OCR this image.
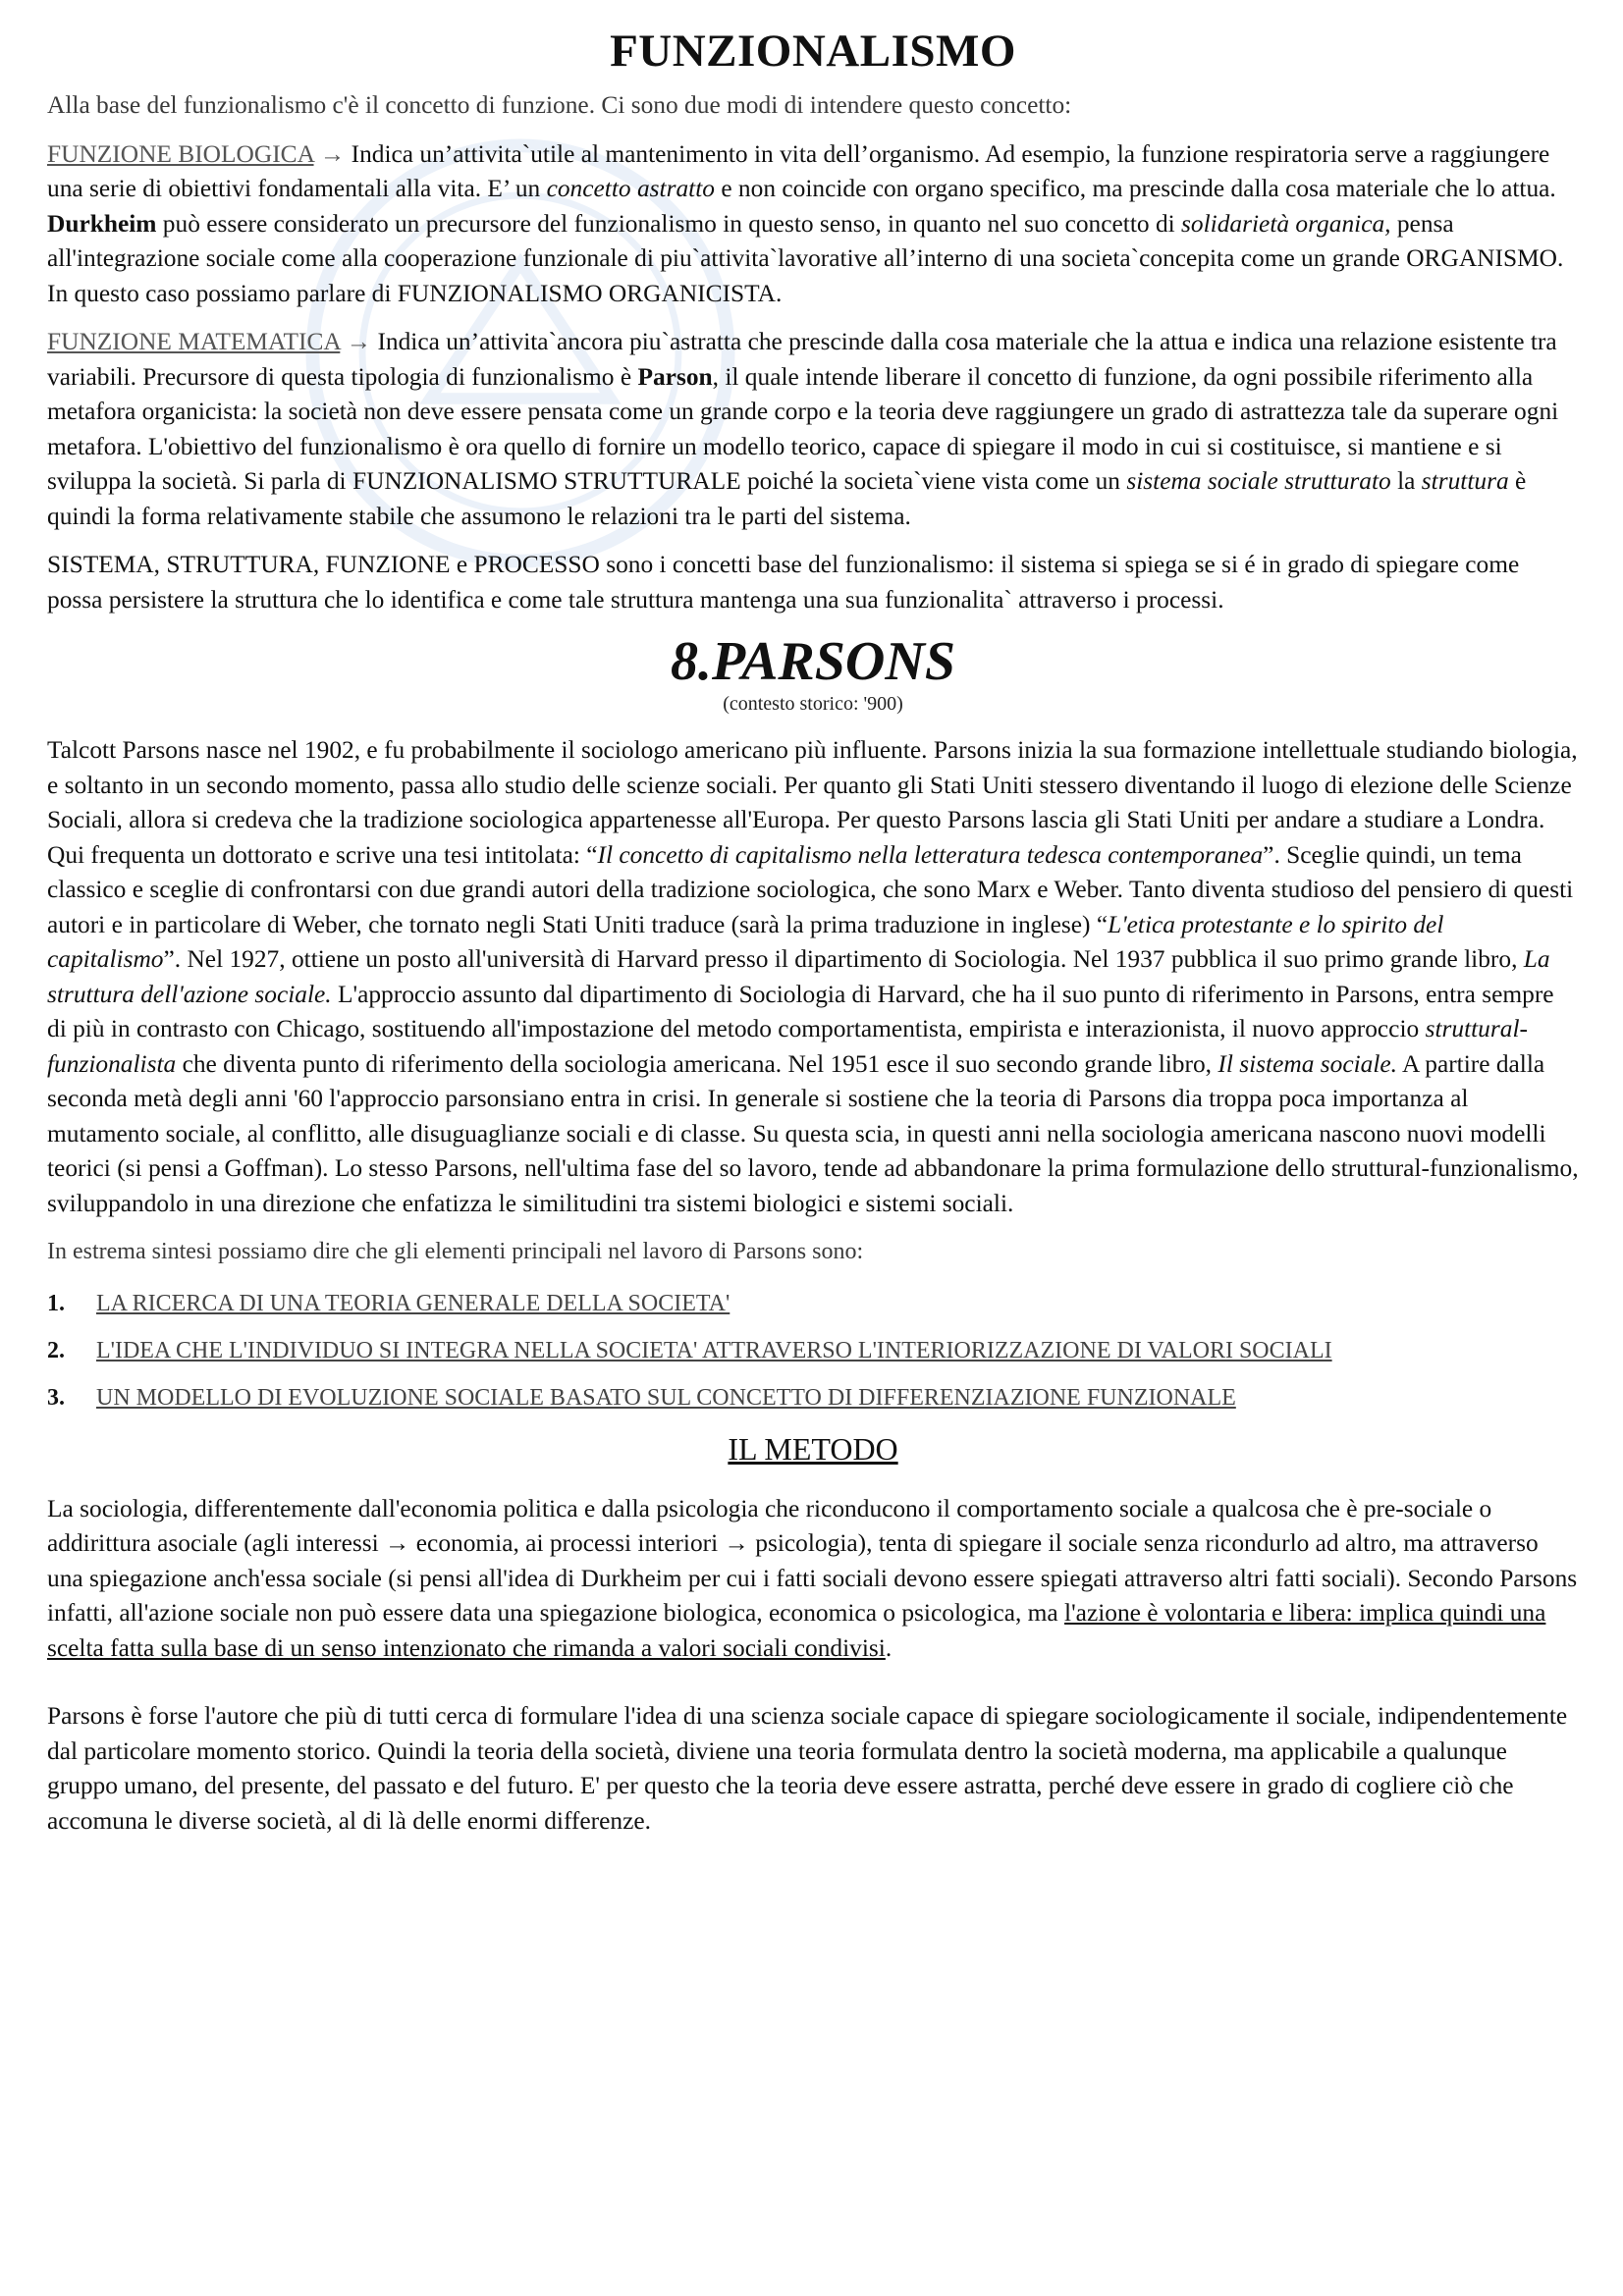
FUNZIONALISMO

Alla base del funzionalismo c'è il concetto di funzione. Ci sono due modi di intendere questo concetto:

FUNZIONE BIOLOGICA → Indica un’attivita`utile al mantenimento in vita dell’organismo. Ad esempio, la funzione respiratoria serve a raggiungere una serie di obiettivi fondamentali alla vita. E’ un concetto astratto e non coincide con organo specifico, ma prescinde dalla cosa materiale che lo attua. Durkheim può essere considerato un precursore del funzionalismo in questo senso, in quanto nel suo concetto di solidarietà organica, pensa all'integrazione sociale come alla cooperazione funzionale di piu`attivita`lavorative all’interno di una societa`concepita come un grande ORGANISMO. In questo caso possiamo parlare di FUNZIONALISMO ORGANICISTA.

FUNZIONE MATEMATICA → Indica un’attivita`ancora piu`astratta che prescinde dalla cosa materiale che la attua e indica una relazione esistente tra variabili. Precursore di questa tipologia di funzionalismo è Parson, il quale intende liberare il concetto di funzione, da ogni possibile riferimento alla metafora organicista: la società non deve essere pensata come un grande corpo e la teoria deve raggiungere un grado di astrattezza tale da superare ogni metafora. L'obiettivo del funzionalismo è ora quello di fornire un modello teorico, capace di spiegare il modo in cui si costituisce, si mantiene e si sviluppa la società. Si parla di FUNZIONALISMO STRUTTURALE poiché la societa`viene vista come un sistema sociale strutturato la struttura è quindi la forma relativamente stabile che assumono le relazioni tra le parti del sistema.

SISTEMA, STRUTTURA, FUNZIONE e PROCESSO sono i concetti base del funzionalismo: il sistema si spiega se si é in grado di spiegare come possa persistere la struttura che lo identifica e come tale struttura mantenga una sua funzionalita` attraverso i processi.

8.PARSONS

(contesto storico: '900)

Talcott Parsons nasce nel 1902, e fu probabilmente il sociologo americano più influente. Parsons inizia la sua formazione intellettuale studiando biologia, e soltanto in un secondo momento, passa allo studio delle scienze sociali. Per quanto gli Stati Uniti stessero diventando il luogo di elezione delle Scienze Sociali, allora si credeva che la tradizione sociologica appartenesse all'Europa. Per questo Parsons lascia gli Stati Uniti per andare a studiare a Londra. Qui frequenta un dottorato e scrive una tesi intitolata: “Il concetto di capitalismo nella letteratura tedesca contemporanea”. Sceglie quindi, un tema classico e sceglie di confrontarsi con due grandi autori della tradizione sociologica, che sono Marx e Weber. Tanto diventa studioso del pensiero di questi autori e in particolare di Weber, che tornato negli Stati Uniti traduce (sarà la prima traduzione in inglese) “L'etica protestante e lo spirito del capitalismo”. Nel 1927, ottiene un posto all'università di Harvard presso il dipartimento di Sociologia. Nel 1937 pubblica il suo primo grande libro, La struttura dell'azione sociale. L'approccio assunto dal dipartimento di Sociologia di Harvard, che ha il suo punto di riferimento in Parsons, entra sempre di più in contrasto con Chicago, sostituendo all'impostazione del metodo comportamentista, empirista e interazionista, il nuovo approccio struttural-funzionalista che diventa punto di riferimento della sociologia americana. Nel 1951 esce il suo secondo grande libro, Il sistema sociale. A partire dalla seconda metà degli anni '60 l'approccio parsonsiano entra in crisi. In generale si sostiene che la teoria di Parsons dia troppa poca importanza al mutamento sociale, al conflitto, alle disuguaglianze sociali e di classe. Su questa scia, in questi anni nella sociologia americana nascono nuovi modelli teorici (si pensi a Goffman). Lo stesso Parsons, nell'ultima fase del so lavoro, tende ad abbandonare la prima formulazione dello struttural-funzionalismo, sviluppandolo in una direzione che enfatizza le similitudini tra sistemi biologici e sistemi sociali.

In estrema sintesi possiamo dire che gli elementi principali nel lavoro di Parsons sono:

1. LA RICERCA DI UNA TEORIA GENERALE DELLA SOCIETA'
2. L'IDEA CHE L'INDIVIDUO SI INTEGRA NELLA SOCIETA' ATTRAVERSO L'INTERIORIZZAZIONE DI VALORI SOCIALI
3. UN MODELLO DI EVOLUZIONE SOCIALE BASATO SUL CONCETTO DI DIFFERENZIAZIONE FUNZIONALE

IL METODO

La sociologia, differentemente dall'economia politica e dalla psicologia che riconducono il comportamento sociale a qualcosa che è pre-sociale o addirittura asociale (agli interessi → economia, ai processi interiori → psicologia), tenta di spiegare il sociale senza ricondurlo ad altro, ma attraverso una spiegazione anch'essa sociale (si pensi all'idea di Durkheim per cui i fatti sociali devono essere spiegati attraverso altri fatti sociali). Secondo Parsons infatti, all'azione sociale non può essere data una spiegazione biologica, economica o psicologica, ma l'azione è volontaria e libera: implica quindi una scelta fatta sulla base di un senso intenzionato che rimanda a valori sociali condivisi.

Parsons è forse l'autore che più di tutti cerca di formulare l'idea di una scienza sociale capace di spiegare sociologicamente il sociale, indipendentemente dal particolare momento storico. Quindi la teoria della società, diviene una teoria formulata dentro la società moderna, ma applicabile a qualunque gruppo umano, del presente, del passato e del futuro. E' per questo che la teoria deve essere astratta, perché deve essere in grado di cogliere ciò che accomuna le diverse società, al di là delle enormi differenze.
